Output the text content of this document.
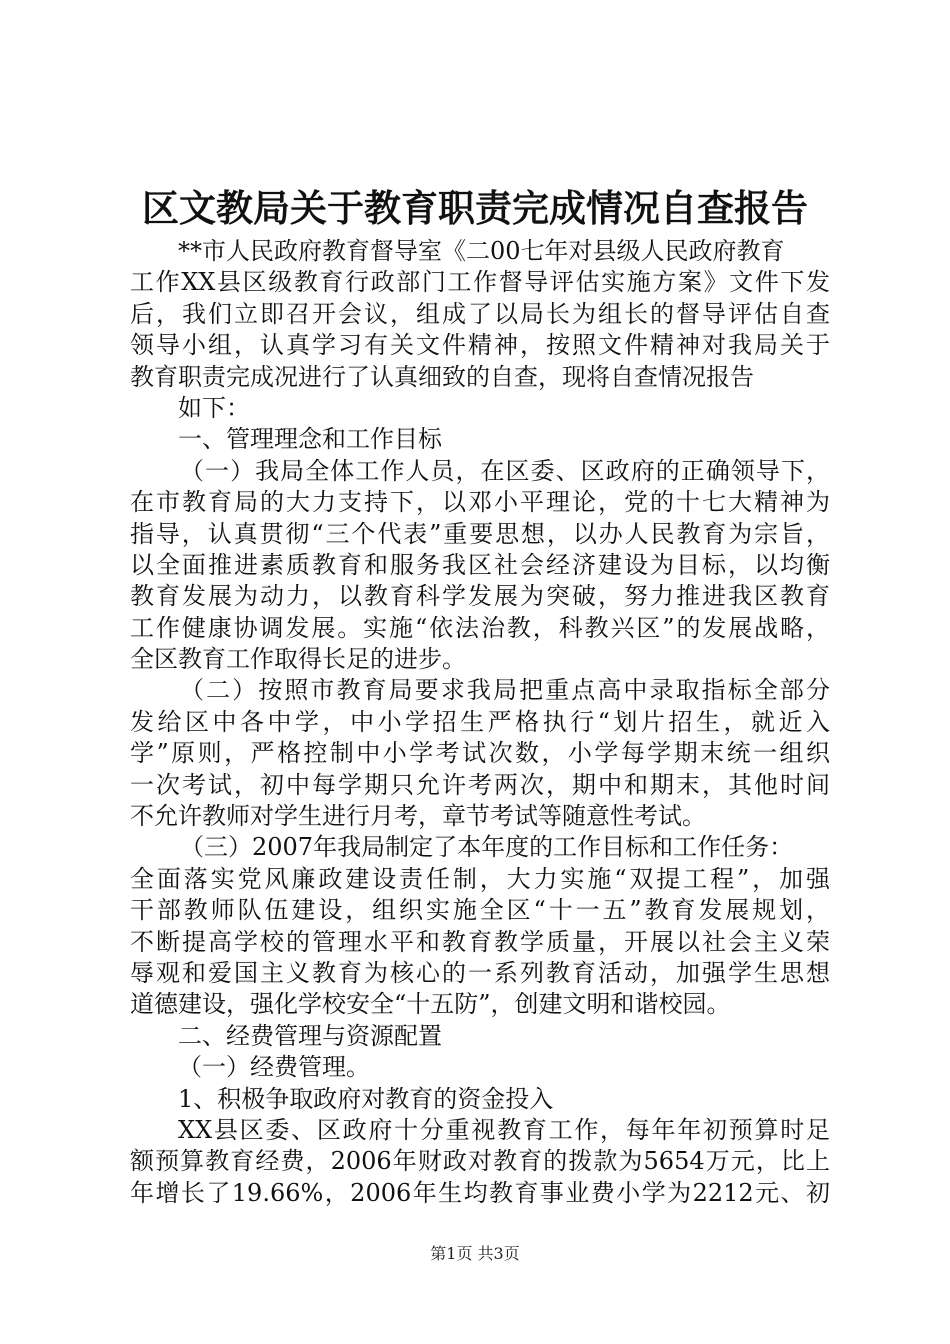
区文教局关于教育职责完成情况自查报告
**市人民政府教育督导室《二00七年对县级人民政府教育
工作XX县区级教育行政部门工作督导评估实施方案》文件下发
后，我们立即召开会议，组成了以局长为组长的督导评估自查
领导小组，认真学习有关文件精神，按照文件精神对我局关于
教育职责完成况进行了认真细致的自查，现将自查情况报告
如下：
一、管理理念和工作目标
（一）我局全体工作人员，在区委、区政府的正确领导下，
在市教育局的大力支持下，以邓小平理论，党的十七大精神为
指导，认真贯彻“三个代表”重要思想，以办人民教育为宗旨，
以全面推进素质教育和服务我区社会经济建设为目标，以均衡
教育发展为动力，以教育科学发展为突破，努力推进我区教育
工作健康协调发展。实施“依法治教，科教兴区”的发展战略，
全区教育工作取得长足的进步。
（二）按照市教育局要求我局把重点高中录取指标全部分
发给区中各中学，中小学招生严格执行“划片招生，就近入
学”原则，严格控制中小学考试次数，小学每学期末统一组织
一次考试，初中每学期只允许考两次，期中和期末，其他时间
不允许教师对学生进行月考，章节考试等随意性考试。
（三）2007年我局制定了本年度的工作目标和工作任务：
全面落实党风廉政建设责任制，大力实施“双提工程”，加强
干部教师队伍建设，组织实施全区“十一五”教育发展规划，
不断提高学校的管理水平和教育教学质量，开展以社会主义荣
辱观和爱国主义教育为核心的一系列教育活动，加强学生思想
道德建设，强化学校安全“十五防”，创建文明和谐校园。
二、经费管理与资源配置
（一）经费管理。
1、积极争取政府对教育的资金投入
XX县区委、区政府十分重视教育工作，每年年初预算时足
额预算教育经费，2006年财政对教育的拨款为5654万元，比上
年增长了19.66%，2006年生均教育事业费小学为2212元、初
第1页 共3页
